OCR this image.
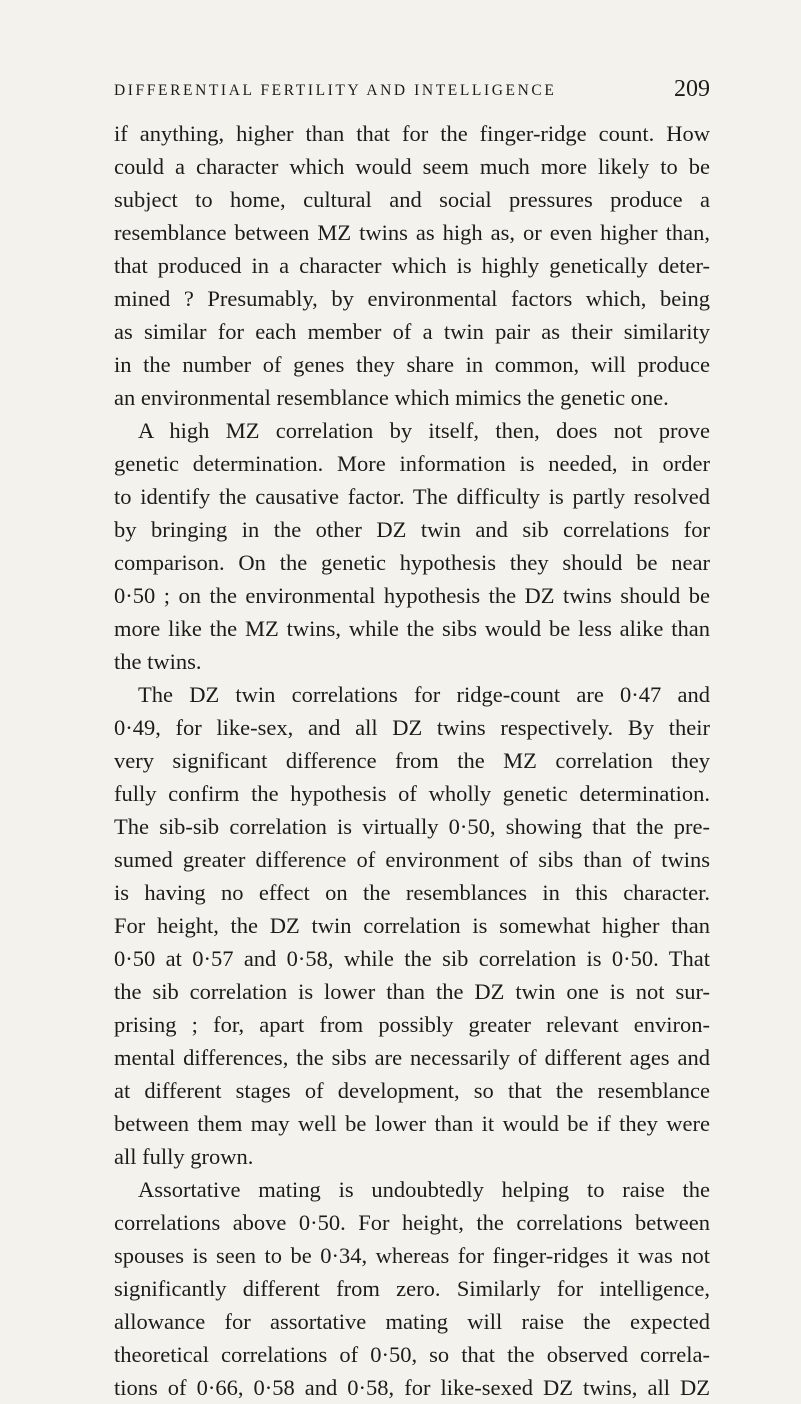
DIFFERENTIAL FERTILITY AND INTELLIGENCE	209
if anything, higher than that for the finger-ridge count. How
could a character which would seem much more likely to be
subject to home, cultural and social pressures produce a
resemblance between MZ twins as high as, or even higher than,
that produced in a character which is highly genetically deter-
mined ? Presumably, by environmental factors which, being
as similar for each member of a twin pair as their similarity
in the number of genes they share in common, will produce
an environmental resemblance which mimics the genetic one.
A high MZ correlation by itself, then, does not prove
genetic determination. More information is needed, in order
to identify the causative factor. The difficulty is partly resolved
by bringing in the other DZ twin and sib correlations for
comparison. On the genetic hypothesis they should be near
0·50 ; on the environmental hypothesis the DZ twins should be
more like the MZ twins, while the sibs would be less alike than
the twins.
The DZ twin correlations for ridge-count are 0·47 and
0·49, for like-sex, and all DZ twins respectively. By their
very significant difference from the MZ correlation they
fully confirm the hypothesis of wholly genetic determination.
The sib-sib correlation is virtually 0·50, showing that the pre-
sumed greater difference of environment of sibs than of twins
is having no effect on the resemblances in this character.
For height, the DZ twin correlation is somewhat higher than
0·50 at 0·57 and 0·58, while the sib correlation is 0·50. That
the sib correlation is lower than the DZ twin one is not sur-
prising ; for, apart from possibly greater relevant environ-
mental differences, the sibs are necessarily of different ages and
at different stages of development, so that the resemblance
between them may well be lower than it would be if they were
all fully grown.
Assortative mating is undoubtedly helping to raise the
correlations above 0·50. For height, the correlations between
spouses is seen to be 0·34, whereas for finger-ridges it was not
significantly different from zero. Similarly for intelligence,
allowance for assortative mating will raise the expected
theoretical correlations of 0·50, so that the observed correla-
tions of 0·66, 0·58 and 0·58, for like-sexed DZ twins, all DZ
